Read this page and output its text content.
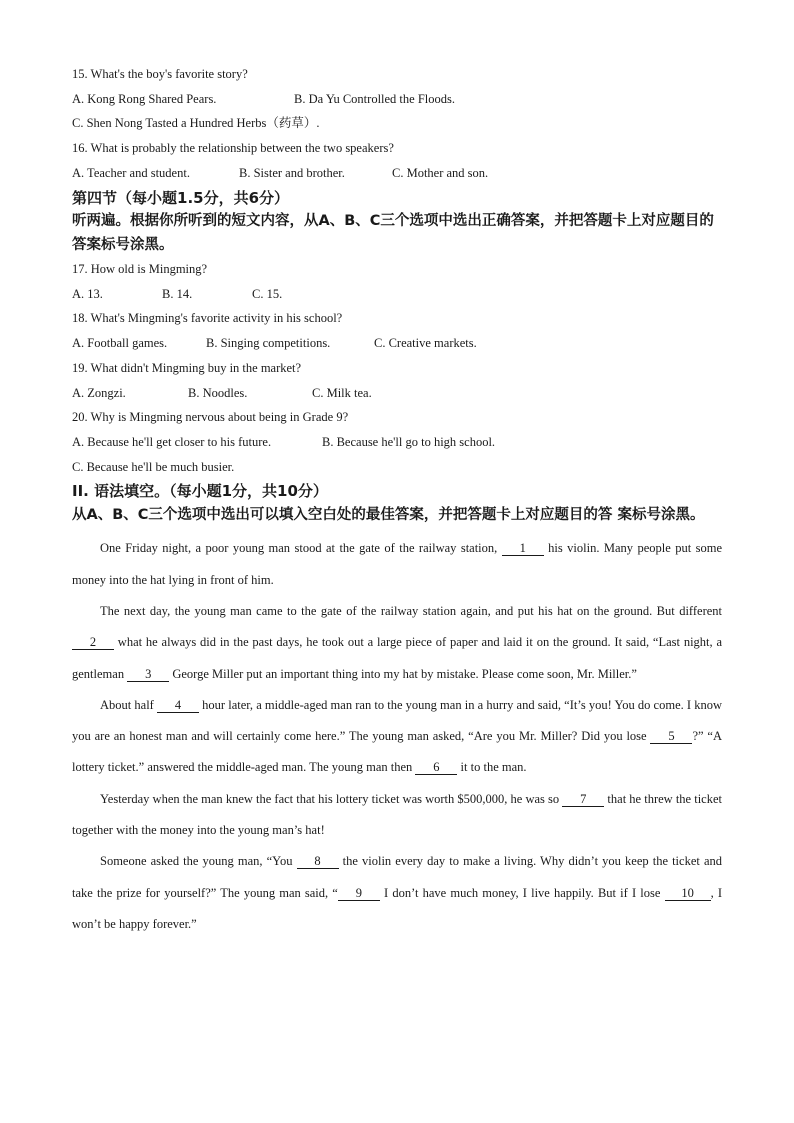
15. What's the boy's favorite story?
A. Kong Rong Shared Pears.	B. Da Yu Controlled the Floods.
C. Shen Nong Tasted a Hundred Herbs（药草）.
16. What is probably the relationship between the two speakers?
A. Teacher and student.	B. Sister and brother.	C. Mother and son.
第四节（每小题1.5分，共6分）
听两遍。根据你所听到的短文内容，从A、B、C三个选项中选出正确答案，并把答题卡上对应题目的答案标号涂黑。
17. How old is Mingming?
A. 13.	B. 14.	C. 15.
18. What's Mingming's favorite activity in his school?
A. Football games.	B. Singing competitions.	C. Creative markets.
19. What didn't Mingming buy in the market?
A. Zongzi.	B. Noodles.	C. Milk tea.
20. Why is Mingming nervous about being in Grade 9?
A. Because he'll get closer to his future.	B. Because he'll go to high school.
C. Because he'll be much busier.
II. 语法填空。（每小题1分，共10分）
从A、B、C三个选项中选出可以填入空白处的最佳答案，并把答题卡上对应题目的答 案标号涂黑。

One Friday night, a poor young man stood at the gate of the railway station, 1 his violin. Many people put some money into the hat lying in front of him.

The next day, the young man came to the gate of the railway station again, and put his hat on the ground. But different 2 what he always did in the past days, he took out a large piece of paper and laid it on the ground. It said, “Last night, a gentleman 3 George Miller put an important thing into my hat by mistake. Please come soon, Mr. Miller.”

About half 4 hour later, a middle-aged man ran to the young man in a hurry and said, “It’s you! You do come. I know you are an honest man and will certainly come here.” The young man asked, “Are you Mr. Miller? Did you lose 5 ?” “A lottery ticket.” answered the middle-aged man. The young man then 6 it to the man.

Yesterday when the man knew the fact that his lottery ticket was worth $500,000, he was so 7 that he threw the ticket together with the money into the young man’s hat!

Someone asked the young man, “You 8 the violin every day to make a living. Why didn’t you keep the ticket and take the prize for yourself?” The young man said, “ 9 I don’t have much money, I live happily. But if I lose 10 , I won’t be happy forever.”
